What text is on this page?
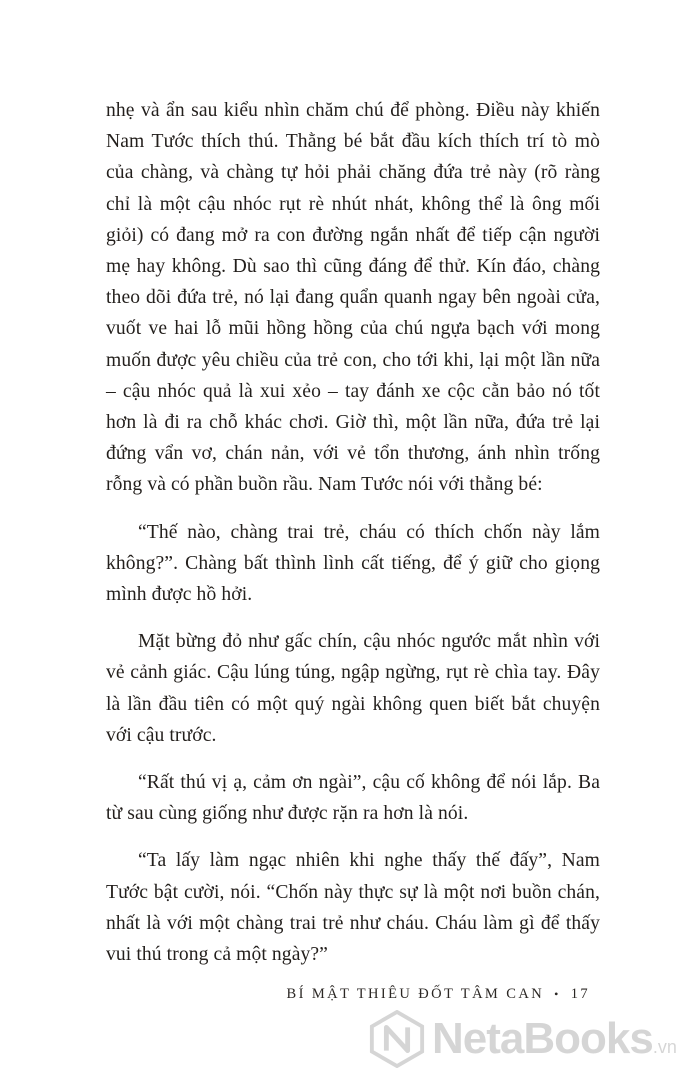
nhẹ và ẩn sau kiểu nhìn chăm chú để phòng. Điều này khiến Nam Tước thích thú. Thằng bé bắt đầu kích thích trí tò mò của chàng, và chàng tự hỏi phải chăng đứa trẻ này (rõ ràng chỉ là một cậu nhóc rụt rè nhút nhát, không thể là ông mối giỏi) có đang mở ra con đường ngắn nhất để tiếp cận người mẹ hay không. Dù sao thì cũng đáng để thử. Kín đáo, chàng theo dõi đứa trẻ, nó lại đang quẩn quanh ngay bên ngoài cửa, vuốt ve hai lỗ mũi hồng hồng của chú ngựa bạch với mong muốn được yêu chiều của trẻ con, cho tới khi, lại một lần nữa – cậu nhóc quả là xui xẻo – tay đánh xe cộc cằn bảo nó tốt hơn là đi ra chỗ khác chơi. Giờ thì, một lần nữa, đứa trẻ lại đứng vẩn vơ, chán nản, với vẻ tổn thương, ánh nhìn trống rỗng và có phần buồn rầu. Nam Tước nói với thằng bé:

“Thế nào, chàng trai trẻ, cháu có thích chốn này lắm không?”. Chàng bất thình lình cất tiếng, để ý giữ cho giọng mình được hồ hởi.

Mặt bừng đỏ như gấc chín, cậu nhóc ngước mắt nhìn với vẻ cảnh giác. Cậu lúng túng, ngập ngừng, rụt rè chìa tay. Đây là lần đầu tiên có một quý ngài không quen biết bắt chuyện với cậu trước.

“Rất thú vị ạ, cảm ơn ngài”, cậu cố không để nói lắp. Ba từ sau cùng giống như được rặn ra hơn là nói.

“Ta lấy làm ngạc nhiên khi nghe thấy thế đấy”, Nam Tước bật cười, nói. “Chốn này thực sự là một nơi buồn chán, nhất là với một chàng trai trẻ như cháu. Cháu làm gì để thấy vui thú trong cả một ngày?”

BÍ MẬT THIÊU ĐỐT TÂM CAN • 17
NetaBooks.vn
